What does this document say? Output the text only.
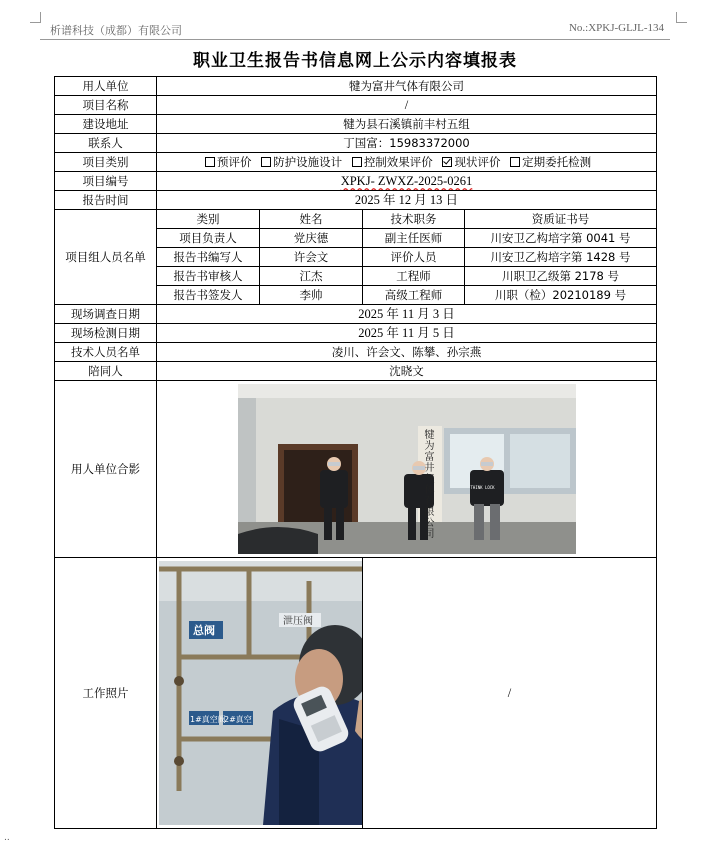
析谱科技（成都）有限公司	No.:XPKJ-GLJL-134
职业卫生报告书信息网上公示内容填报表
用人单位	犍为富井气体有限公司			
项目名称	/			
建设地址	犍为县石溪镇前丰村五组			
联系人	丁国富：15983372000			
项目类别	预评价 防护设施设计 控制效果评价 现状评价 定期委托检测			
项目编号	XPKJ- ZWXZ-2025-0261			
报告时间	2025 年 12 月 13 日			
项目组人员名单	类别	姓名	技术职务	资质证书号
	项目负责人	党庆德	副主任医师	川安卫乙构培字第 0041 号
	报告书编写人	许会文	评价人员	川安卫乙构培字第 1428 号
	报告书审核人	江杰	工程师	川职卫乙级第 2178 号
	报告书签发人	李帅	高级工程师	川职（检）20210189 号
现场调查日期	2025 年 11 月 3 日			
现场检测日期	2025 年 11 月 5 日			
技术人员名单	凌川、许会文、陈攀、孙宗燕			
陪同人	沈晓文			
用人单位合影	犍为富井气体有限公司
THINK LOCK			

工作照片	总阀
泄压阀
1#真空阀
2#真空		/	
..
